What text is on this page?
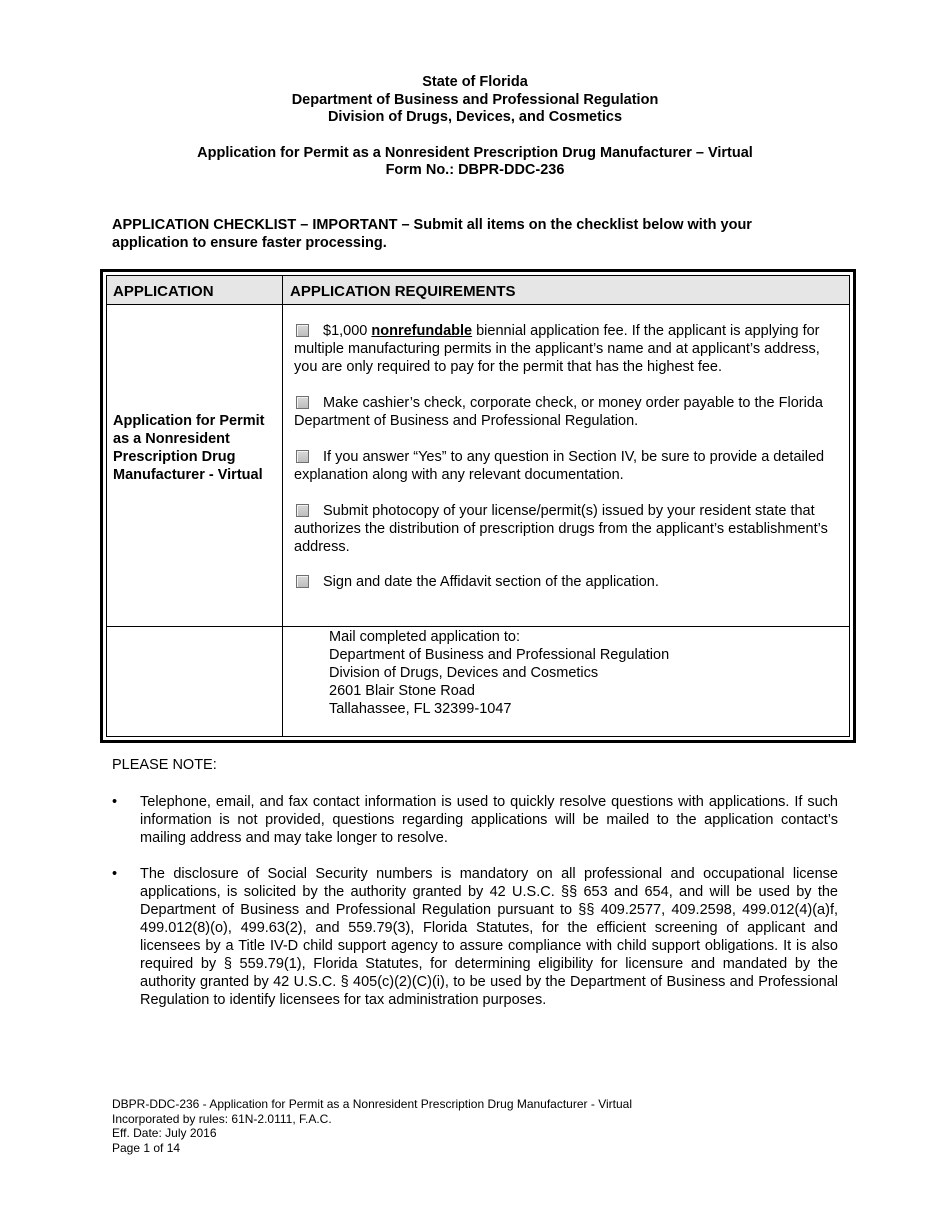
State of Florida
Department of Business and Professional Regulation
Division of Drugs, Devices, and Cosmetics
Application for Permit as a Nonresident Prescription Drug Manufacturer – Virtual
Form No.: DBPR-DDC-236
APPLICATION CHECKLIST – IMPORTANT – Submit all items on the checklist below with your application to ensure faster processing.
APPLICATION	APPLICATION REQUIREMENTS
Application for Permit as a Nonresident Prescription Drug Manufacturer - Virtual
$1,000 nonrefundable biennial application fee. If the applicant is applying for multiple manufacturing permits in the applicant’s name and at applicant’s address, you are only required to pay for the permit that has the highest fee.
Make cashier’s check, corporate check, or money order payable to the Florida Department of Business and Professional Regulation.
If you answer “Yes” to any question in Section IV, be sure to provide a detailed explanation along with any relevant documentation.
Submit photocopy of your license/permit(s) issued by your resident state that authorizes the distribution of prescription drugs from the applicant’s establishment’s address.
Sign and date the Affidavit section of the application.
Mail completed application to:
Department of Business and Professional Regulation
Division of Drugs, Devices and Cosmetics
2601 Blair Stone Road
Tallahassee, FL 32399-1047
PLEASE NOTE:
• Telephone, email, and fax contact information is used to quickly resolve questions with applications. If such information is not provided, questions regarding applications will be mailed to the application contact’s mailing address and may take longer to resolve.
• The disclosure of Social Security numbers is mandatory on all professional and occupational license applications, is solicited by the authority granted by 42 U.S.C. §§ 653 and 654, and will be used by the Department of Business and Professional Regulation pursuant to §§ 409.2577, 409.2598, 499.012(4)(a)f, 499.012(8)(o), 499.63(2), and 559.79(3), Florida Statutes, for the efficient screening of applicant and licensees by a Title IV-D child support agency to assure compliance with child support obligations. It is also required by § 559.79(1), Florida Statutes, for determining eligibility for licensure and mandated by the authority granted by 42 U.S.C. § 405(c)(2)(C)(i), to be used by the Department of Business and Professional Regulation to identify licensees for tax administration purposes.
DBPR-DDC-236 - Application for Permit as a Nonresident Prescription Drug Manufacturer - Virtual
Incorporated by rules: 61N-2.0111, F.A.C.
Eff. Date: July 2016
Page 1 of 14
